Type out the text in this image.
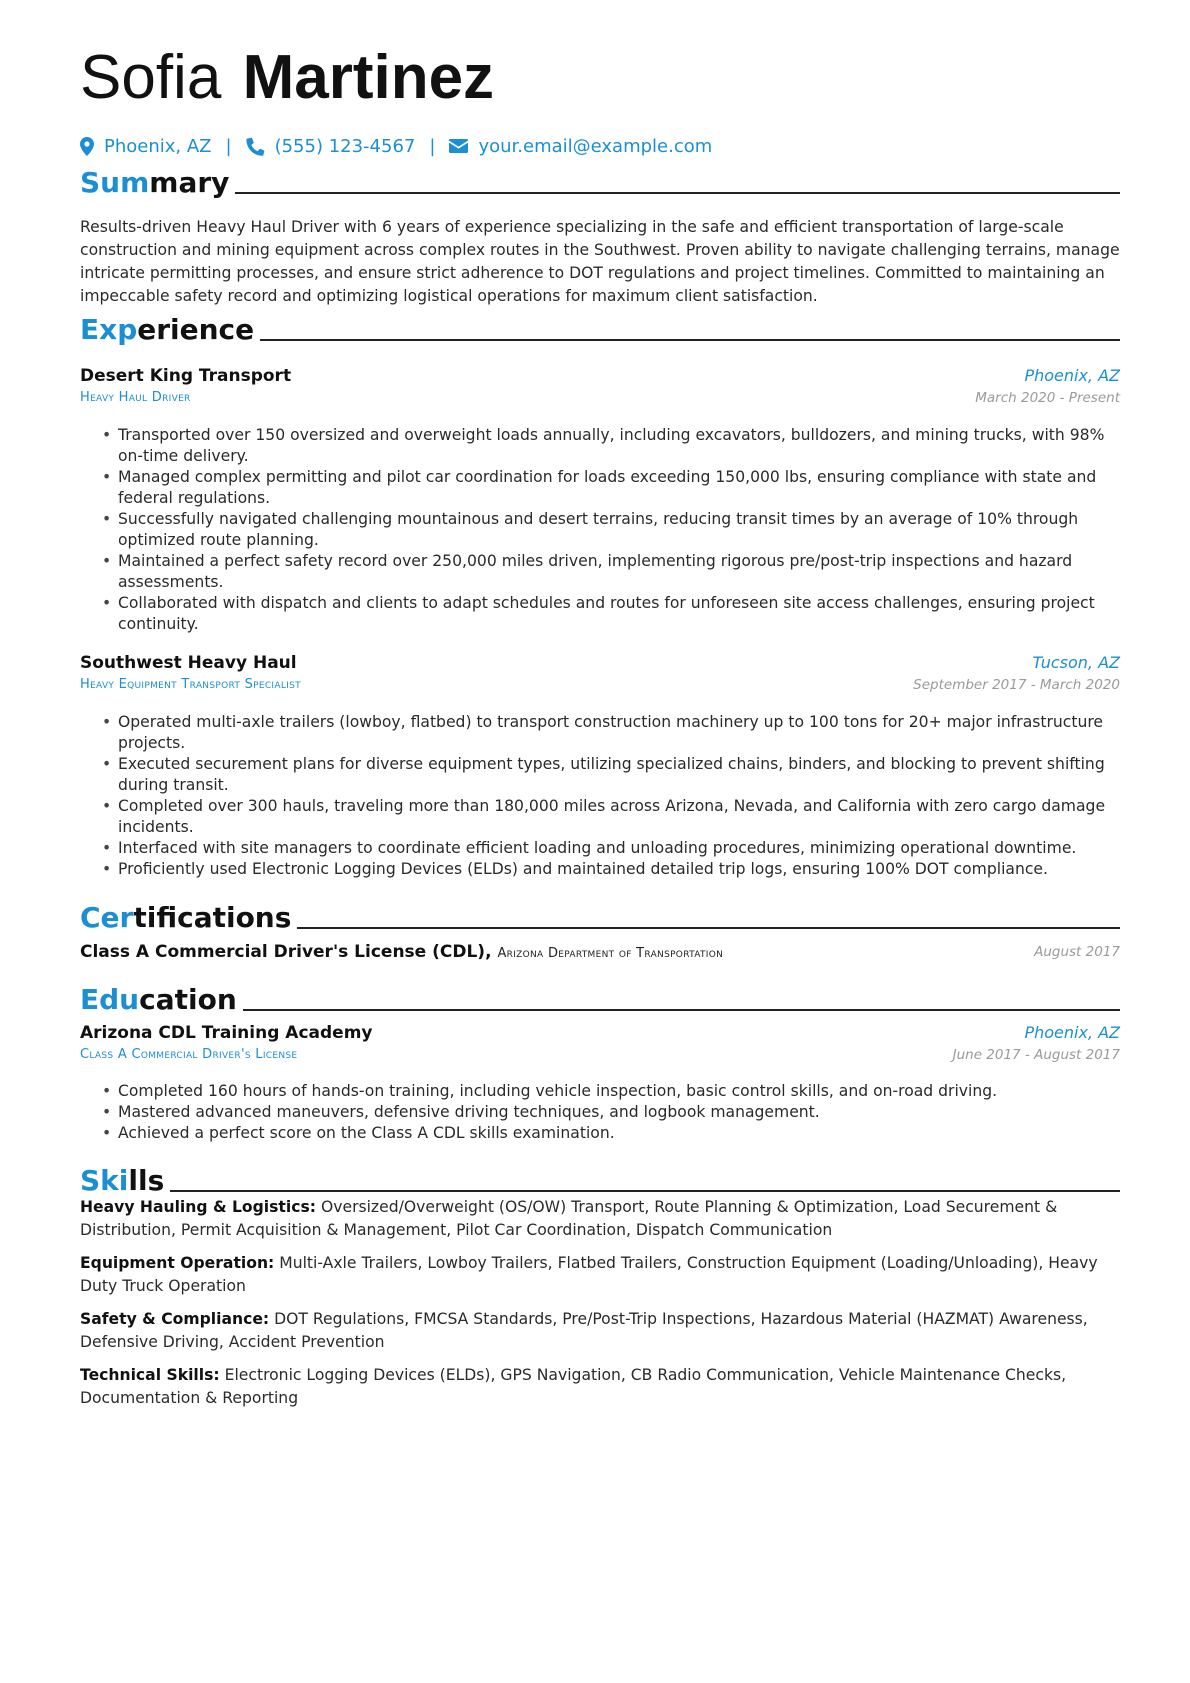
Sofia Martinez
Phoenix, AZ | (555) 123-4567 | your.email@example.com
Summary
Results-driven Heavy Haul Driver with 6 years of experience specializing in the safe and efficient transportation of large-scale construction and mining equipment across complex routes in the Southwest. Proven ability to navigate challenging terrains, manage intricate permitting processes, and ensure strict adherence to DOT regulations and project timelines. Committed to maintaining an impeccable safety record and optimizing logistical operations for maximum client satisfaction.
Experience
Desert King Transport	Phoenix, AZ
Heavy Haul Driver	March 2020 - Present
• Transported over 150 oversized and overweight loads annually, including excavators, bulldozers, and mining trucks, with 98% on-time delivery.
• Managed complex permitting and pilot car coordination for loads exceeding 150,000 lbs, ensuring compliance with state and federal regulations.
• Successfully navigated challenging mountainous and desert terrains, reducing transit times by an average of 10% through optimized route planning.
• Maintained a perfect safety record over 250,000 miles driven, implementing rigorous pre/post-trip inspections and hazard assessments.
• Collaborated with dispatch and clients to adapt schedules and routes for unforeseen site access challenges, ensuring project continuity.
Southwest Heavy Haul	Tucson, AZ
Heavy Equipment Transport Specialist	September 2017 - March 2020
• Operated multi-axle trailers (lowboy, flatbed) to transport construction machinery up to 100 tons for 20+ major infrastructure projects.
• Executed securement plans for diverse equipment types, utilizing specialized chains, binders, and blocking to prevent shifting during transit.
• Completed over 300 hauls, traveling more than 180,000 miles across Arizona, Nevada, and California with zero cargo damage incidents.
• Interfaced with site managers to coordinate efficient loading and unloading procedures, minimizing operational downtime.
• Proficiently used Electronic Logging Devices (ELDs) and maintained detailed trip logs, ensuring 100% DOT compliance.
Certifications
Class A Commercial Driver's License (CDL), Arizona Department of Transportation	August 2017
Education
Arizona CDL Training Academy	Phoenix, AZ
Class A Commercial Driver's License	June 2017 - August 2017
• Completed 160 hours of hands-on training, including vehicle inspection, basic control skills, and on-road driving.
• Mastered advanced maneuvers, defensive driving techniques, and logbook management.
• Achieved a perfect score on the Class A CDL skills examination.
Skills
Heavy Hauling & Logistics: Oversized/Overweight (OS/OW) Transport, Route Planning & Optimization, Load Securement & Distribution, Permit Acquisition & Management, Pilot Car Coordination, Dispatch Communication
Equipment Operation: Multi-Axle Trailers, Lowboy Trailers, Flatbed Trailers, Construction Equipment (Loading/Unloading), Heavy Duty Truck Operation
Safety & Compliance: DOT Regulations, FMCSA Standards, Pre/Post-Trip Inspections, Hazardous Material (HAZMAT) Awareness, Defensive Driving, Accident Prevention
Technical Skills: Electronic Logging Devices (ELDs), GPS Navigation, CB Radio Communication, Vehicle Maintenance Checks, Documentation & Reporting
